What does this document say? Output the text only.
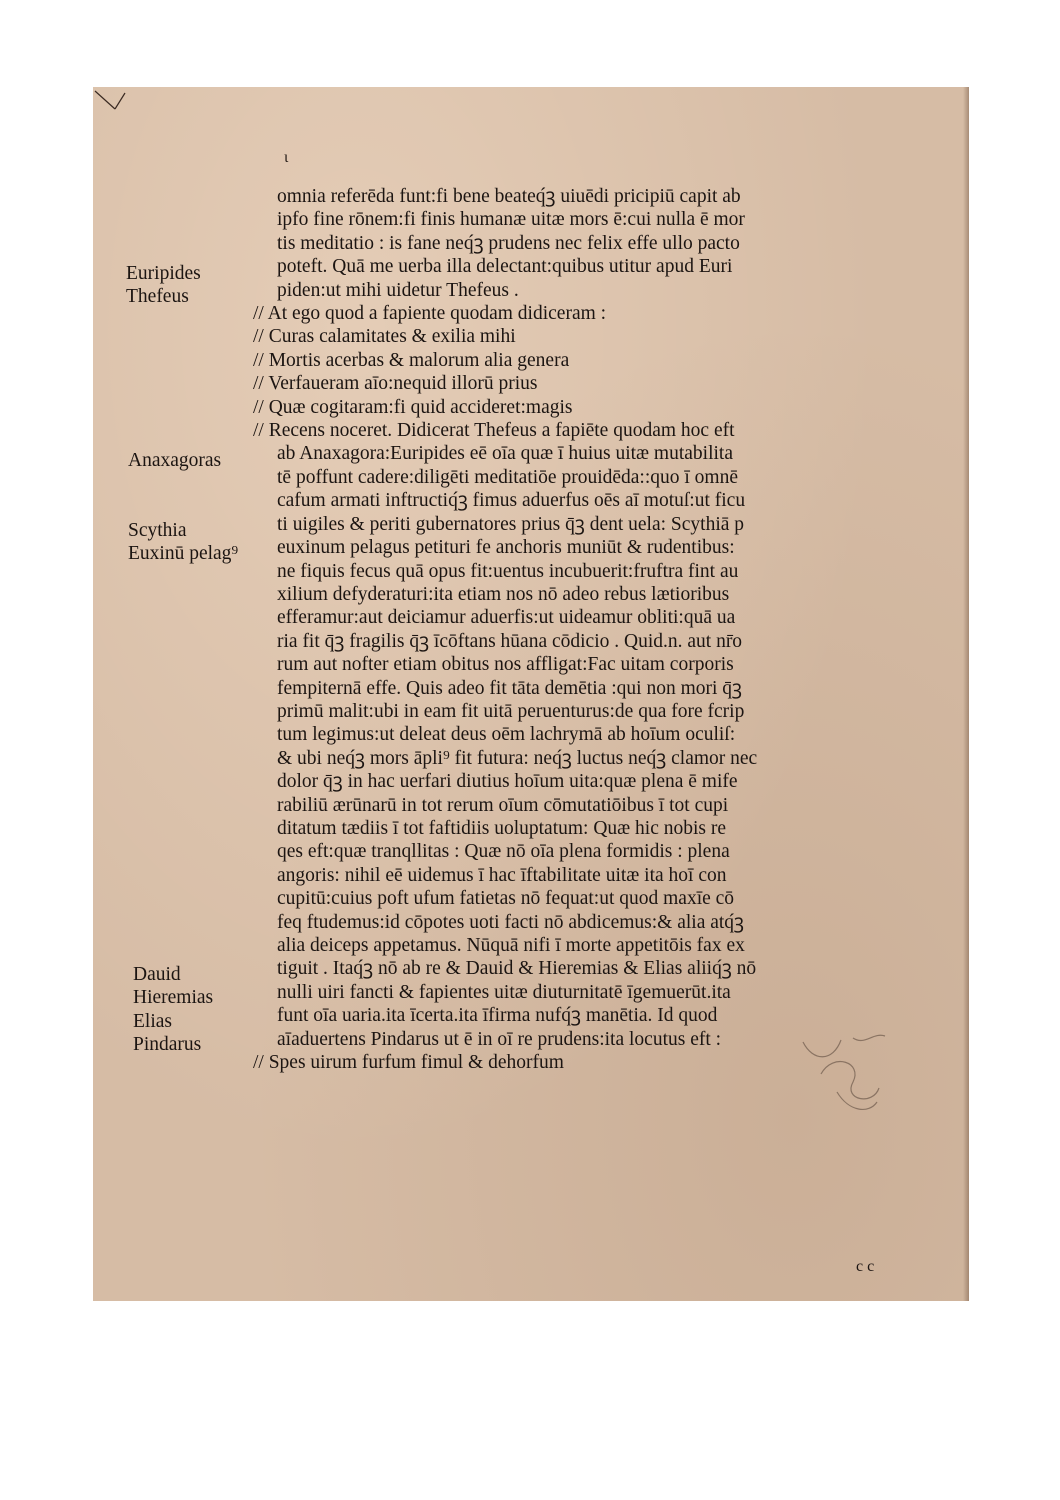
ι
Euripides
Thefeus
Anaxagoras
Scythia
Euxinū pelag⁹
Dauid
Hieremias
Elias
Pindarus
omnia referēda funt:fi bene beateq́ꝫ uiuēdi pricipiū capit ab
ipfo fine rōnem:fi finis humanæ uitæ mors ē:cui nulla ē mor
tis meditatio : is fane neq́ꝫ prudens nec felix effe ullo pacto
poteft. Quā me uerba illa delectant:quibus utitur apud Euri
piden:ut mihi uidetur Thefeus .
// At ego quod a fapiente quodam didiceram :
// Curas calamitates & exilia mihi
// Mortis acerbas & malorum alia genera
// Verfaueram aīo:nequid illorū prius
// Quæ cogitaram:fi quid accideret:magis
// Recens noceret. Didicerat Thefeus a fapiēte quodam hoc eft
ab Anaxagora:Euripides eē oīa quæ ī huius uitæ mutabilita
tē poffunt cadere:diligēti meditatiōe prouidēda::quo ī omnē
cafum armati inftructiq́ꝫ fimus aduerfus oēs aī motuſ:ut ficu
ti uigiles & periti gubernatores prius q̄ꝫ dent uela: Scythiā p
euxinum pelagus petituri fe anchoris muniūt & rudentibus:
ne fiquis fecus quā opus fit:uentus incubuerit:fruftra fint au
xilium defyderaturi:ita etiam nos nō adeo rebus lætioribus
efferamur:aut deiciamur aduerfis:ut uideamur obliti:quā ua
ria fit q̄ꝫ fragilis q̄ꝫ īcōftans hūana cōdicio . Quid.n. aut nr̄o
rum aut nofter etiam obitus nos affligat:Fac uitam corporis
fempiternā effe. Quis adeo fit tāta demētia :qui non mori q̄ꝫ
primū malit:ubi in eam fit uitā peruenturus:de qua fore fcrip
tum legimus:ut deleat deus oēm lachrymā ab hoīum oculiſ:
& ubi neq́ꝫ mors āpli⁹ fit futura: neq́ꝫ luctus neq́ꝫ clamor nec
dolor q̄ꝫ in hac uerfari diutius hoīum uita:quæ plena ē mife
rabiliū ærūnarū in tot rerum oīum cōmutatiōibus ī tot cupi
ditatum tædiis ī tot faftidiis uoluptatum: Quæ hic nobis re
qes eft:quæ tranqllitas : Quæ nō oīa plena formidis : plena
angoris: nihil eē uidemus ī hac īftabilitate uitæ ita hoī con
cupitū:cuius poft ufum fatietas nō fequat:ut quod maxīe cō
feq ftudemus:id cōpotes uoti facti nō abdicemus:& alia atq́ꝫ
alia deiceps appetamus. Nūquā nifi ī morte appetitōis fax ex
tiguit . Itaq́ꝫ nō ab re & Dauid & Hieremias & Elias aliiq́ꝫ nō
nulli uiri fancti & fapientes uitæ diuturnitatē īgemuerūt.ita
funt oīa uaria.ita īcerta.ita īfirma nufq́ꝫ manētia. Id quod
aīaduertens Pindarus ut ē in oī re prudens:ita locutus eft :
// Spes uirum furfum fimul & dehorfum
c c
